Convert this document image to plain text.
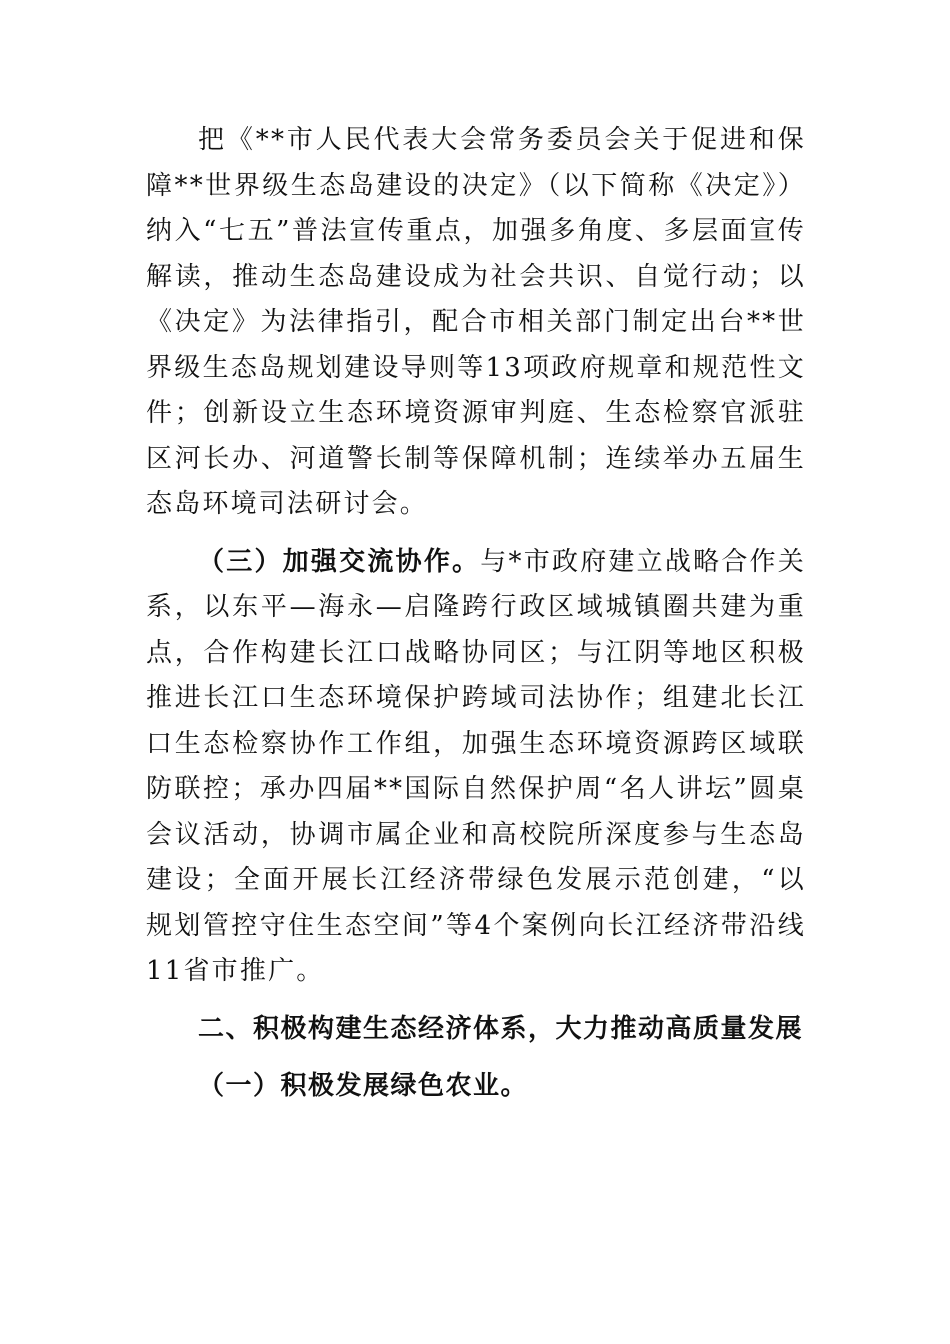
把《**市人民代表大会常务委员会关于促进和保障**世界级生态岛建设的决定》（以下简称《决定》）纳入“七五”普法宣传重点，加强多角度、多层面宣传解读，推动生态岛建设成为社会共识、自觉行动；以《决定》为法律指引，配合市相关部门制定出台**世界级生态岛规划建设导则等13项政府规章和规范性文件；创新设立生态环境资源审判庭、生态检察官派驻区河长办、河道警长制等保障机制；连续举办五届生态岛环境司法研讨会。

（三）加强交流协作。与*市政府建立战略合作关系，以东平—海永—启隆跨行政区域城镇圈共建为重点，合作构建长江口战略协同区；与江阴等地区积极推进长江口生态环境保护跨域司法协作；组建北长江口生态检察协作工作组，加强生态环境资源跨区域联防联控；承办四届**国际自然保护周“名人讲坛”圆桌会议活动，协调市属企业和高校院所深度参与生态岛建设；全面开展长江经济带绿色发展示范创建，“以规划管控守住生态空间”等4个案例向长江经济带沿线11省市推广。

二、积极构建生态经济体系，大力推动高质量发展

（一）积极发展绿色农业。
